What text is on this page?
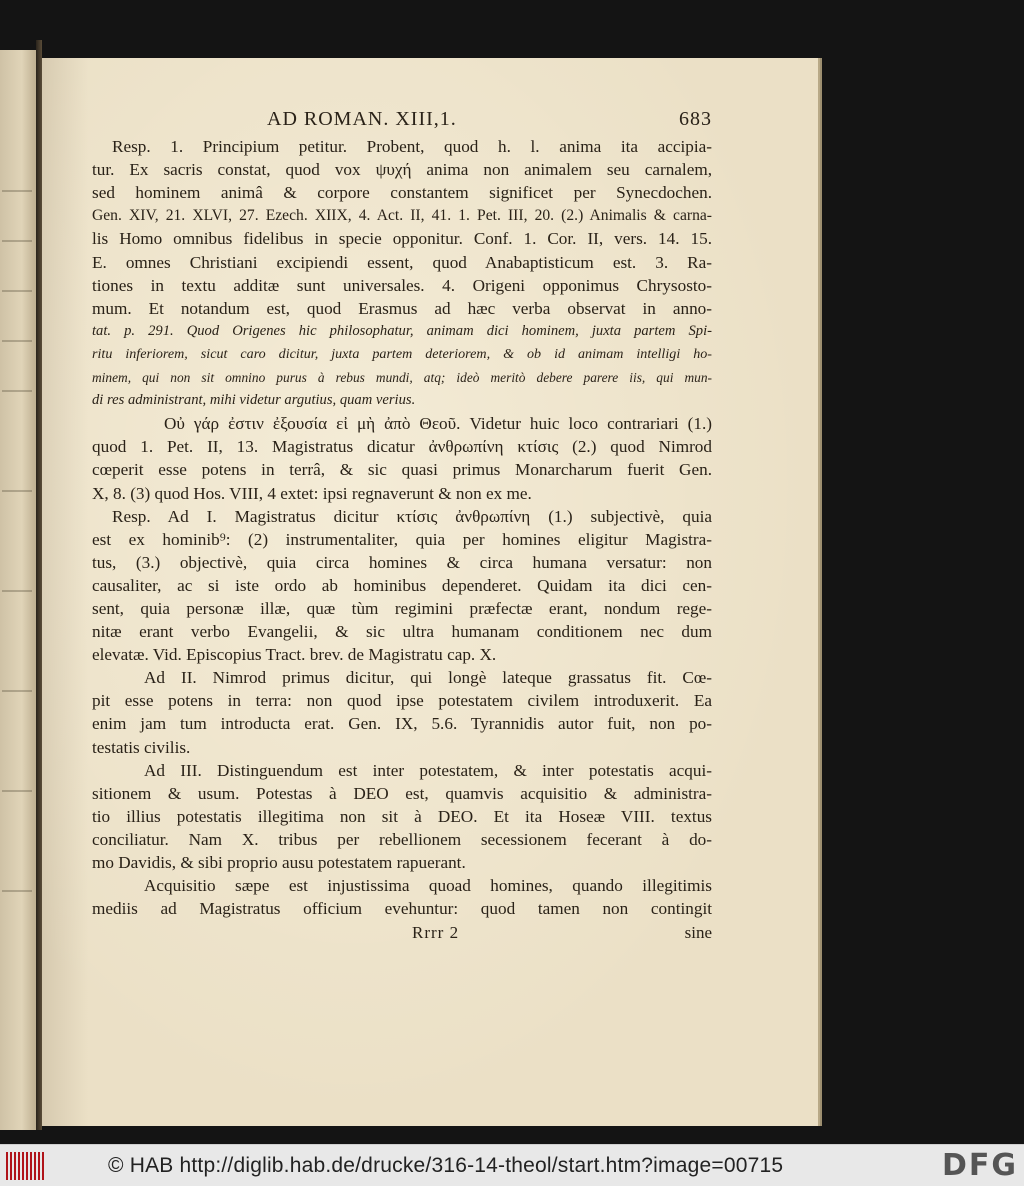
AD ROMAN. XIII,1.	683
Resp. 1. Principium petitur. Probent, quod h. l. anima ita accipia-
tur. Ex sacris constat, quod vox ψυχή anima non animalem seu carnalem,
sed hominem animâ & corpore constantem significet per Synecdochen.
Gen. XIV, 21. XLVI, 27. Ezech. XIIX, 4. Act. II, 41. 1. Pet. III, 20. (2.) Animalis & carna-
lis Homo omnibus fidelibus in specie opponitur. Conf. 1. Cor. II, vers. 14. 15.
E. omnes Christiani excipiendi essent, quod Anabaptisticum est. 3. Ra-
tiones in textu additæ sunt universales. 4. Origeni opponimus Chrysosto-
mum. Et notandum est, quod Erasmus ad hæc verba observat in anno-
tat. p. 291. Quod Origenes hic philosophatur, animam dici hominem, juxta partem Spi-
ritu inferiorem, sicut caro dicitur, juxta partem deteriorem, & ob id animam intelligi ho-
minem, qui non sit omnino purus à rebus mundi, atq; ideò meritò debere parere iis, qui mun-
di res administrant, mihi videtur argutius, quam verius.
Οὐ γάρ ἐστιν ἐξουσία εἰ μὴ ἀπὸ Θεοῦ. Videtur huic loco contrariari (1.)
quod 1. Pet. II, 13. Magistratus dicatur ἀνθρωπίνη κτίσις (2.) quod Nimrod
cœperit esse potens in terrâ, & sic quasi primus Monarcharum fuerit Gen.
X, 8. (3) quod Hos. VIII, 4 extet: ipsi regnaverunt & non ex me.
Resp. Ad I. Magistratus dicitur κτίσις ἀνθρωπίνη (1.) subjectivè, quia
est ex hominib⁹: (2) instrumentaliter, quia per homines eligitur Magistra-
tus, (3.) objectivè, quia circa homines & circa humana versatur: non
causaliter, ac si iste ordo ab hominibus dependeret. Quidam ita dici cen-
sent, quia personæ illæ, quæ tùm regimini præfectæ erant, nondum rege-
nitæ erant verbo Evangelii, & sic ultra humanam conditionem nec dum
elevatæ. Vid. Episcopius Tract. brev. de Magistratu cap. X.
Ad II. Nimrod primus dicitur, qui longè lateque grassatus fit. Cœ-
pit esse potens in terra: non quod ipse potestatem civilem introduxerit. Ea
enim jam tum introducta erat. Gen. IX, 5.6. Tyrannidis autor fuit, non po-
testatis civilis.
Ad III. Distinguendum est inter potestatem, & inter potestatis acqui-
sitionem & usum. Potestas à DEO est, quamvis acquisitio & administra-
tio illius potestatis illegitima non sit à DEO. Et ita Hoseæ VIII. textus
conciliatur. Nam X. tribus per rebellionem secessionem fecerant à do-
mo Davidis, & sibi proprio ausu potestatem rapuerant.
Acquisitio sæpe est injustissima quoad homines, quando illegitimis
mediis ad Magistratus officium evehuntur: quod tamen non contingit
Rrrr 2	sine
© HAB http://diglib.hab.de/drucke/316-14-theol/start.htm?image=00715	DFG
